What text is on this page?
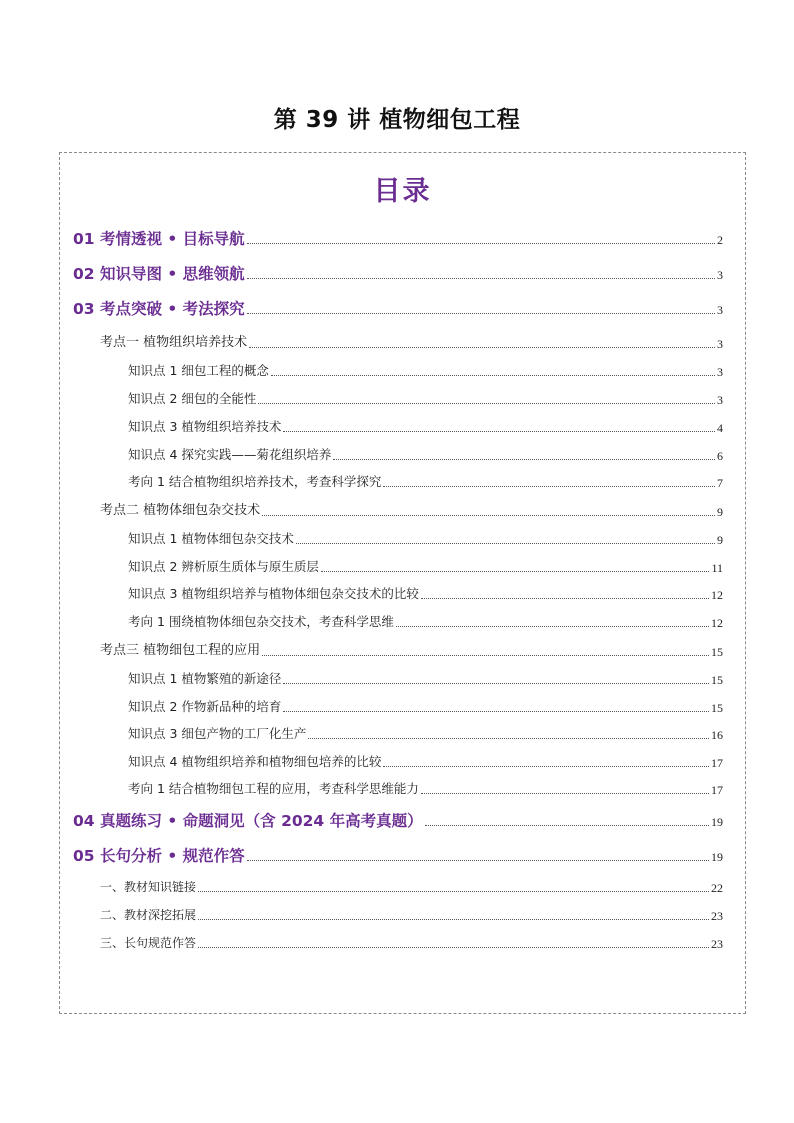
第 39 讲 植物细包工程
目录
01 考情透视 • 目标导航	2
02 知识导图 • 思维领航	3
03 考点突破 • 考法探究	3
考点一 植物组织培养技术	3
知识点 1 细包工程的概念	3
知识点 2 细包的全能性	3
知识点 3 植物组织培养技术	4
知识点 4 探究实践——菊花组织培养	6
考向 1 结合植物组织培养技术，考查科学探究	7
考点二 植物体细包杂交技术	9
知识点 1 植物体细包杂交技术	9
知识点 2 辨析原生质体与原生质层	11
知识点 3 植物组织培养与植物体细包杂交技术的比较	12
考向 1 围绕植物体细包杂交技术，考查科学思维	12
考点三 植物细包工程的应用	15
知识点 1 植物繁殖的新途径	15
知识点 2 作物新品种的培育	15
知识点 3 细包产物的工厂化生产	16
知识点 4 植物组织培养和植物细包培养的比较	17
考向 1 结合植物细包工程的应用，考查科学思维能力	17
04 真题练习 • 命题洞见（含 2024 年高考真题）	19
05 长句分析 • 规范作答	19
一、教材知识链接	22
二、教材深挖拓展	23
三、长句规范作答	23
